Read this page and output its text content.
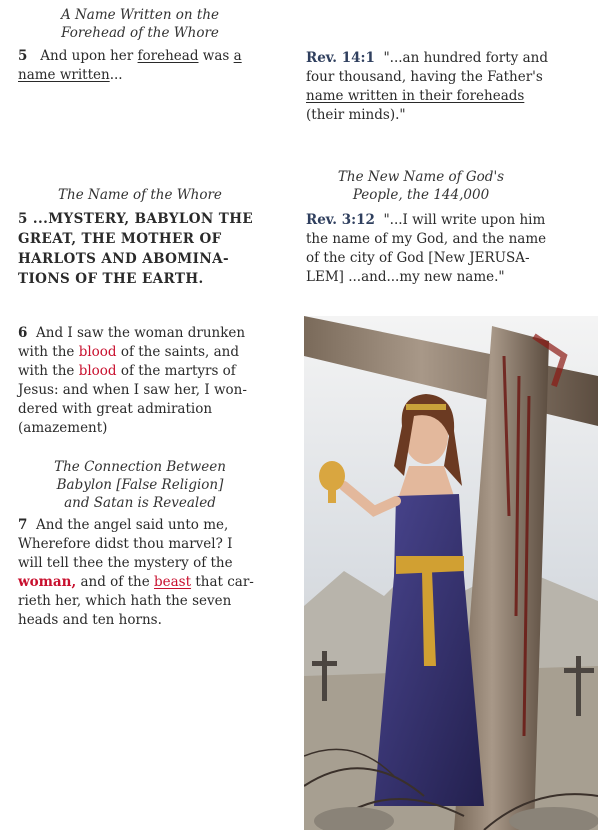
A Name Written on the
Forehead of the Whore
5 And upon her forehead was a
name written...
The Name of the Whore
5 ...MYSTERY, BABYLON THE
GREAT, THE MOTHER OF
HARLOTS AND ABOMINA-
TIONS OF THE EARTH.
6 And I saw the woman drunken
with the blood of the saints, and
with the blood of the martyrs of
Jesus: and when I saw her, I won-
dered with great admiration
(amazement)
The Connection Between
Babylon [False Religion]
and Satan is Revealed
7 And the angel said unto me,
Wherefore didst thou marvel? I
will tell thee the mystery of the
woman, and of the beast that car-
rieth her, which hath the seven
heads and ten horns.
Rev. 14:1 "...an hundred forty and
four thousand, having the Father's
name written in their foreheads
(their minds)."
The New Name of God's
People, the 144,000
Rev. 3:12 "...I will write upon him
the name of my God, and the name
of the city of God [New JERUSA-
LEM] ...and...my new name."
